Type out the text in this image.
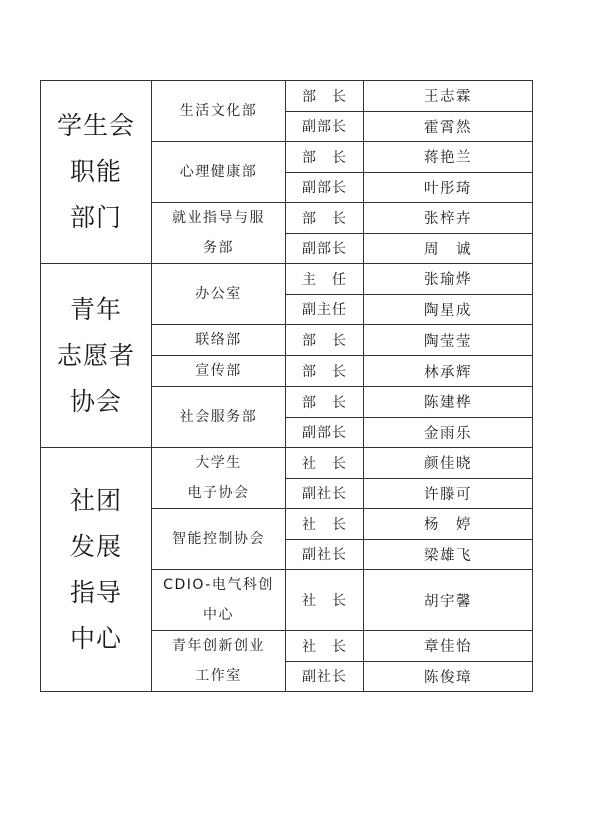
学生会
职能
部门	生活文化部	部　长	王志霖
		副部长	霍霄然

	心理健康部	部　长	蒋艳兰
		副部长	叶彤琦

	就业指导与服
务部	部　长	张梓卉
		副部长	周　诚

青年
志愿者
协会	办公室	主　任	张瑜烨
		副主任	陶星成

	联络部	部　长	陶莹莹

	宣传部	部　长	林承辉

	社会服务部	部　长	陈建桦
		副部长	金雨乐

社团
发展
指导
中心	大学生
电子协会	社　长	颜佳晓
		副社长	许滕可

	智能控制协会	社　长	杨　婷
		副社长	梁雄飞

	CDIO-电气科创
中心	社　长	胡宇馨

	青年创新创业
工作室	社　长	章佳怡
		副社长	陈俊璋
